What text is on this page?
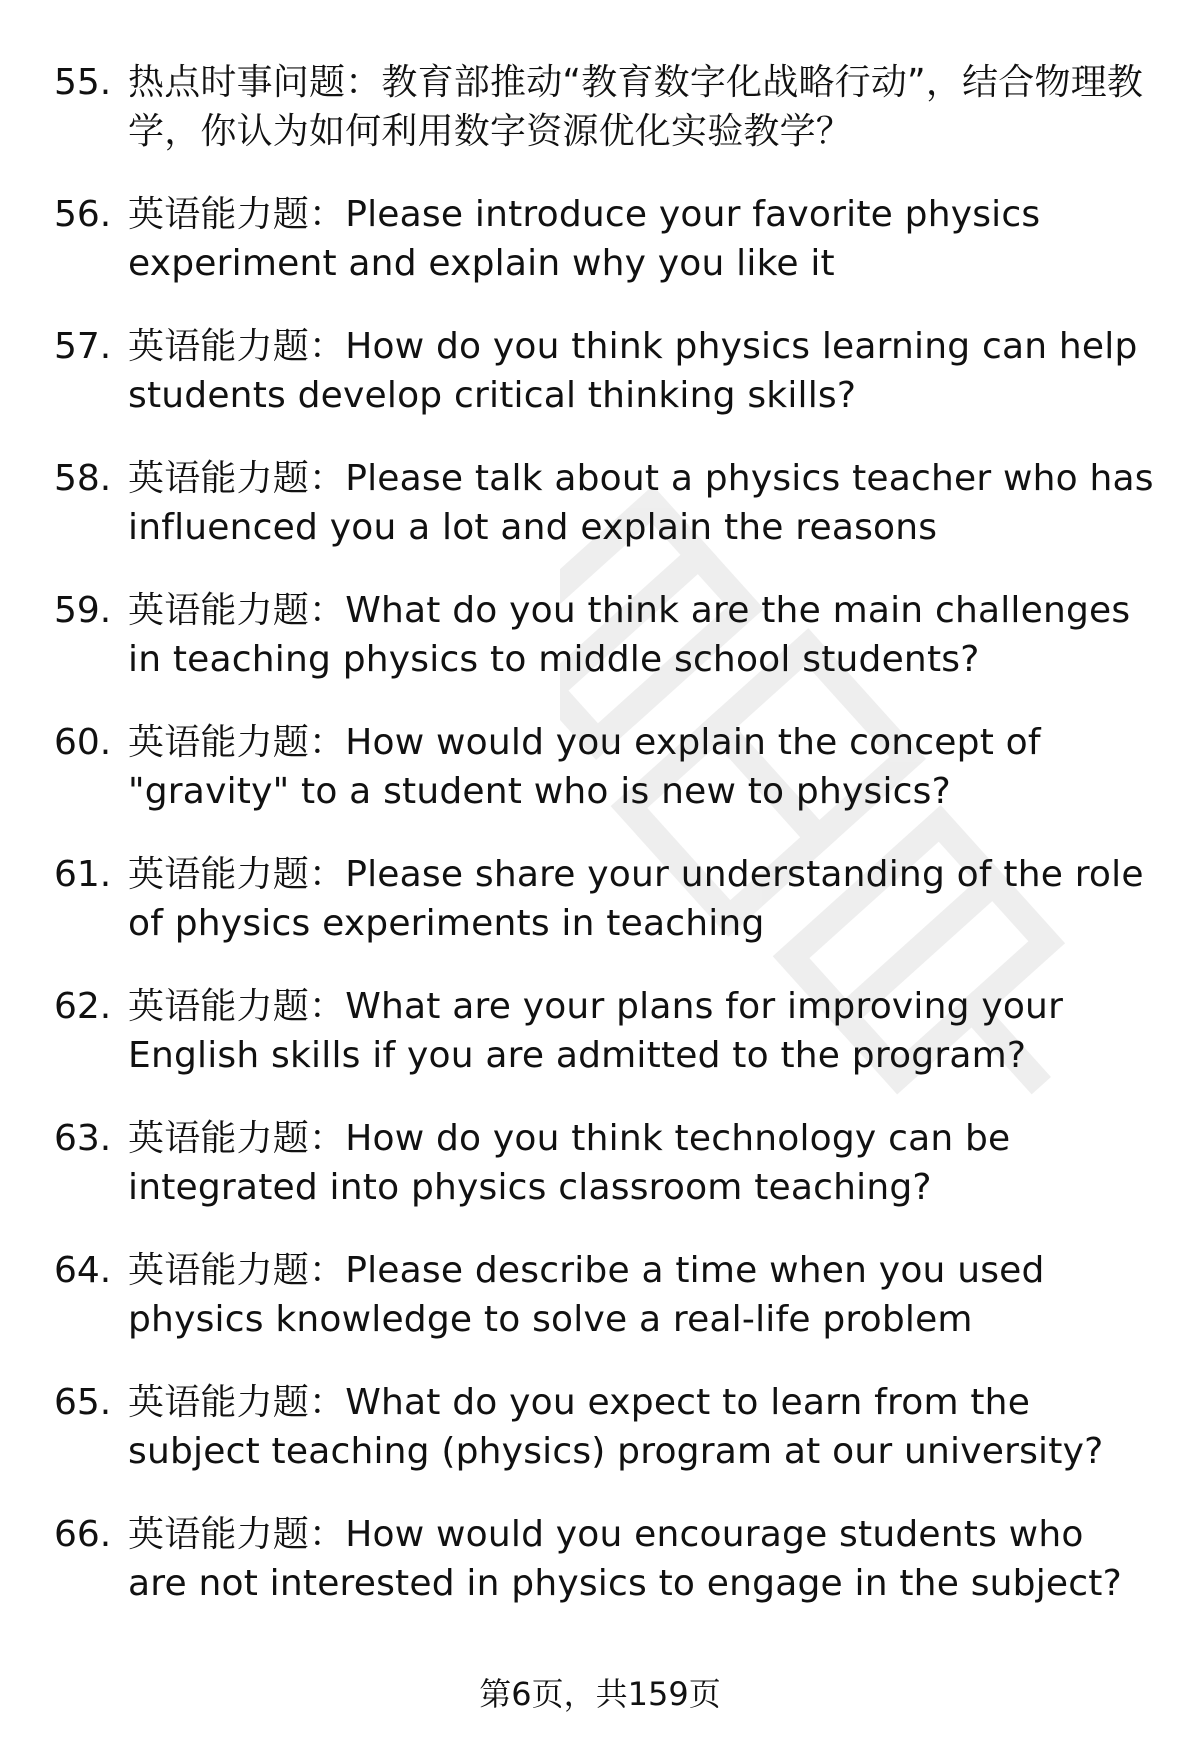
55. 热点时事问题：教育部推动“教育数字化战略行动”，结合物理教学，你认为如何利用数字资源优化实验教学？
56. 英语能力题：Please introduce your favorite physics experiment and explain why you like it
57. 英语能力题：How do you think physics learning can help students develop critical thinking skills?
58. 英语能力题：Please talk about a physics teacher who has influenced you a lot and explain the reasons
59. 英语能力题：What do you think are the main challenges in teaching physics to middle school students?
60. 英语能力题：How would you explain the concept of "gravity" to a student who is new to physics?
61. 英语能力题：Please share your understanding of the role of physics experiments in teaching
62. 英语能力题：What are your plans for improving your English skills if you are admitted to the program?
63. 英语能力题：How do you think technology can be integrated into physics classroom teaching?
64. 英语能力题：Please describe a time when you used physics knowledge to solve a real-life problem
65. 英语能力题：What do you expect to learn from the subject teaching (physics) program at our university?
66. 英语能力题：How would you encourage students who are not interested in physics to engage in the subject?
第6页，共159页
